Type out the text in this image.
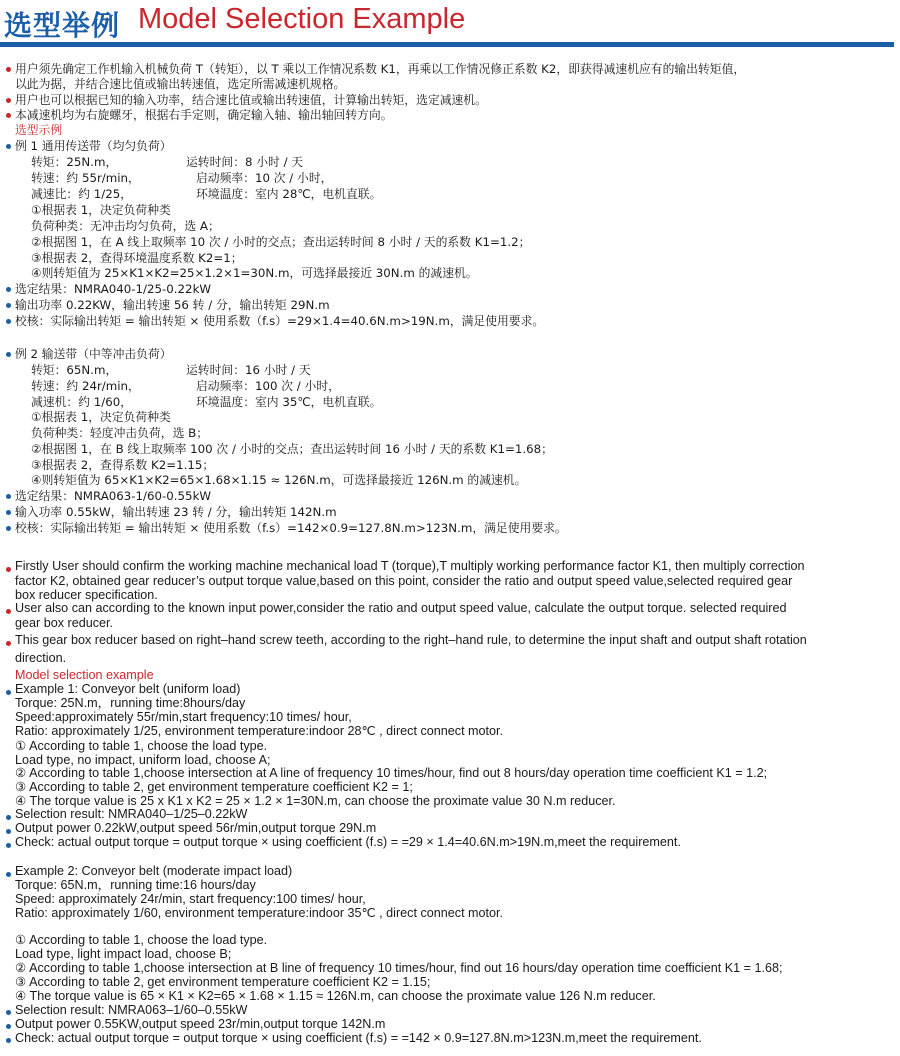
选型举例 Model Selection Example
用户须先确定工作机输入机械负荷 T（转矩），以 T 乘以工作情况系数 K1，再乘以工作情况修正系数 K2，即获得减速机应有的输出转矩值，
以此为据，并结合速比值或输出转速值，选定所需减速机规格。
用户也可以根据已知的输入功率，结合速比值或输出转速值，计算输出转矩，选定减速机。
本减速机均为右旋螺牙，根据右手定则，确定输入轴、输出轴回转方向。
选型示例
例 1 通用传送带（均匀负荷）
转矩：25N.m，	运转时间：8 小时 / 天
转速：约 55r/min，	启动频率：10 次 / 小时，
减速比：约 1/25，	环境温度：室内 28℃，电机直联。
①根据表 1，决定负荷种类
负荷种类：无冲击均匀负荷，选 A；
②根据图 1，在 A 线上取频率 10 次 / 小时的交点；查出运转时间 8 小时 / 天的系数 K1=1.2；
③根据表 2，查得环境温度系数 K2=1；
④则转矩值为 25×K1×K2=25×1.2×1=30N.m，可选择最接近 30N.m 的减速机。
选定结果：NMRA040-1/25-0.22kW
输出功率 0.22KW，输出转速 56 转 / 分，输出转矩 29N.m
校核：实际输出转矩 = 输出转矩 × 使用系数（f.s）=29×1.4=40.6N.m>19N.m，满足使用要求。
例 2 输送带（中等冲击负荷）
转矩：65N.m，	运转时间：16 小时 / 天
转速：约 24r/min，	启动频率：100 次 / 小时，
减速机：约 1/60，	环境温度：室内 35℃，电机直联。
①根据表 1，决定负荷种类
负荷种类：轻度冲击负荷，选 B；
②根据图 1，在 B 线上取频率 100 次 / 小时的交点；查出运转时间 16 小时 / 天的系数 K1=1.68；
③根据表 2，查得系数 K2=1.15；
④则转矩值为 65×K1×K2=65×1.68×1.15 ≈ 126N.m，可选择最接近 126N.m 的减速机。
选定结果：NMRA063-1/60-0.55kW
输入功率 0.55kW，输出转速 23 转 / 分，输出转矩 142N.m
校核：实际输出转矩 = 输出转矩 × 使用系数（f.s）=142×0.9=127.8N.m>123N.m，满足使用要求。
Firstly User should confirm the working machine mechanical load T (torque),T multiply working performance factor K1, then multiply correction
factor K2, obtained gear reducer’s output torque value,based on this point, consider the ratio and output speed value,selected required gear
box reducer specification.
User also can according to the known input power,consider the ratio and output speed value, calculate the output torque. selected required
gear box reducer.
This gear box reducer based on right–hand screw teeth, according to the right–hand rule, to determine the input shaft and output shaft rotation
direction.
Model selection example
Example 1: Conveyor belt (uniform load)
Torque: 25N.m，running time:8hours/day
Speed:approximately 55r/min,start frequency:10 times/ hour,
Ratio: approximately 1/25, environment temperature:indoor 28℃ , direct connect motor.
① According to table 1, choose the load type.
Load type, no impact, uniform load, choose A;
② According to table 1,choose intersection at A line of frequency 10 times/hour, find out 8 hours/day operation time coefficient K1 = 1.2;
③ According to table 2, get environment temperature coefficient K2 = 1;
④ The torque value is 25 x K1 x K2 = 25 × 1.2 × 1=30N.m, can choose the proximate value 30 N.m reducer.
Selection result: NMRA040–1/25–0.22kW
Output power 0.22kW,output speed 56r/min,output torque 29N.m
Check: actual output torque = output torque × using coefficient (f.s) = =29 × 1.4=40.6N.m>19N.m,meet the requirement.
Example 2: Conveyor belt (moderate impact load)
Torque: 65N.m，running time:16 hours/day
Speed: approximately 24r/min, start frequency:100 times/ hour,
Ratio: approximately 1/60, environment temperature:indoor 35℃ , direct connect motor.
① According to table 1, choose the load type.
Load type, light impact load, choose B;
② According to table 1,choose intersection at B line of frequency 10 times/hour, find out 16 hours/day operation time coefficient K1 = 1.68;
③ According to table 2, get environment temperature coefficient K2 = 1.15;
④ The torque value is 65 × K1 × K2=65 × 1.68 × 1.15 ≈ 126N.m, can choose the proximate value 126 N.m reducer.
Selection result: NMRA063–1/60–0.55kW
Output power 0.55KW,output speed 23r/min,output torque 142N.m
Check: actual output torque = output torque × using coefficient (f.s) = =142 × 0.9=127.8N.m>123N.m,meet the requirement.
